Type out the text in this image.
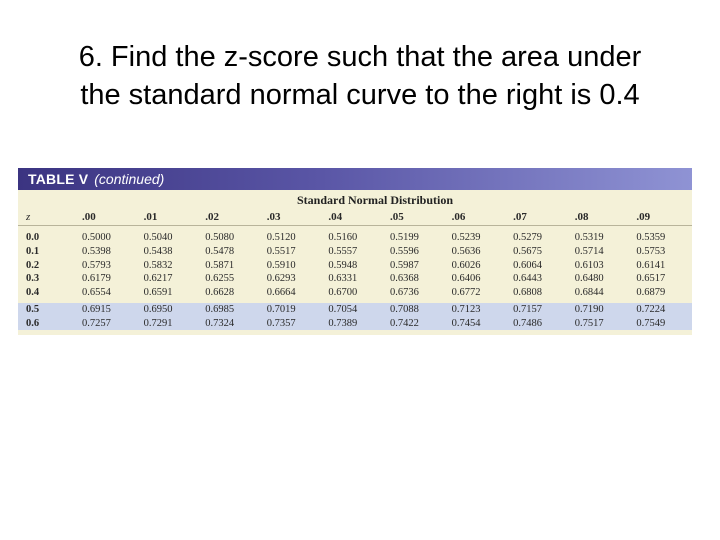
6. Find the z-score such that the area under
the standard normal curve to the right is 0.4
TABLE V (continued)
Standard Normal Distribution
z	.00	.01	.02	.03	.04	.05	.06	.07	.08	.09
0.0	0.5000	0.5040	0.5080	0.5120	0.5160	0.5199	0.5239	0.5279	0.5319	0.5359
0.1	0.5398	0.5438	0.5478	0.5517	0.5557	0.5596	0.5636	0.5675	0.5714	0.5753
0.2	0.5793	0.5832	0.5871	0.5910	0.5948	0.5987	0.6026	0.6064	0.6103	0.6141
0.3	0.6179	0.6217	0.6255	0.6293	0.6331	0.6368	0.6406	0.6443	0.6480	0.6517
0.4	0.6554	0.6591	0.6628	0.6664	0.6700	0.6736	0.6772	0.6808	0.6844	0.6879
0.5	0.6915	0.6950	0.6985	0.7019	0.7054	0.7088	0.7123	0.7157	0.7190	0.7224
0.6	0.7257	0.7291	0.7324	0.7357	0.7389	0.7422	0.7454	0.7486	0.7517	0.7549
